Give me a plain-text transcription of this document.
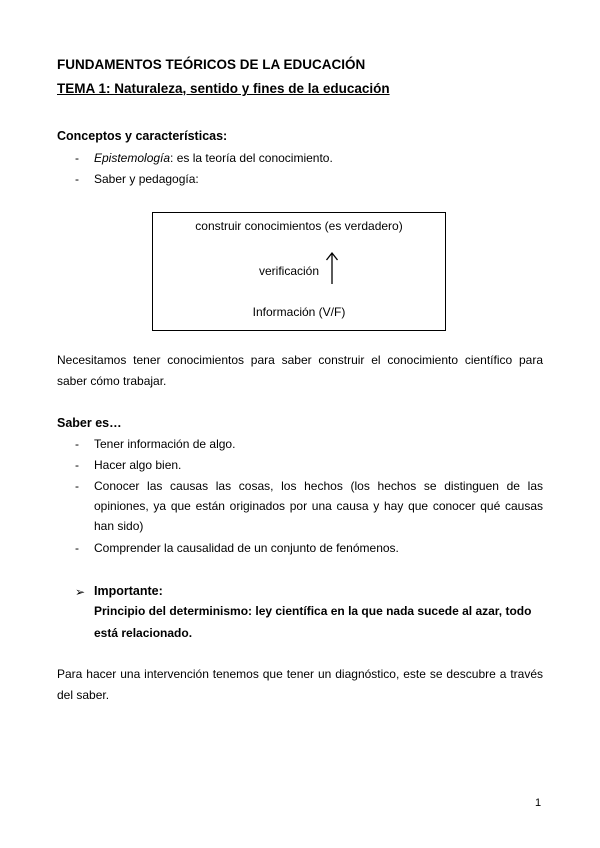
FUNDAMENTOS TEÓRICOS DE LA EDUCACIÓN
TEMA 1: Naturaleza, sentido y fines de la educación
Conceptos y características:
- Epistemología: es la teoría del conocimiento.
- Saber y pedagogía:
construir conocimientos (es verdadero)
verificación
Información (V/F)
Necesitamos tener conocimientos para saber construir el conocimiento científico para saber cómo trabajar.
Saber es…
- Tener información de algo.
- Hacer algo bien.
- Conocer las causas las cosas, los hechos (los hechos se distinguen de las opiniones, ya que están originados por una causa y hay que conocer qué causas han sido)
- Comprender la causalidad de un conjunto de fenómenos.
➢ Importante:
Principio del determinismo: ley científica en la que nada sucede al azar, todo está relacionado.
Para hacer una intervención tenemos que tener un diagnóstico, este se descubre a través del saber.
1
